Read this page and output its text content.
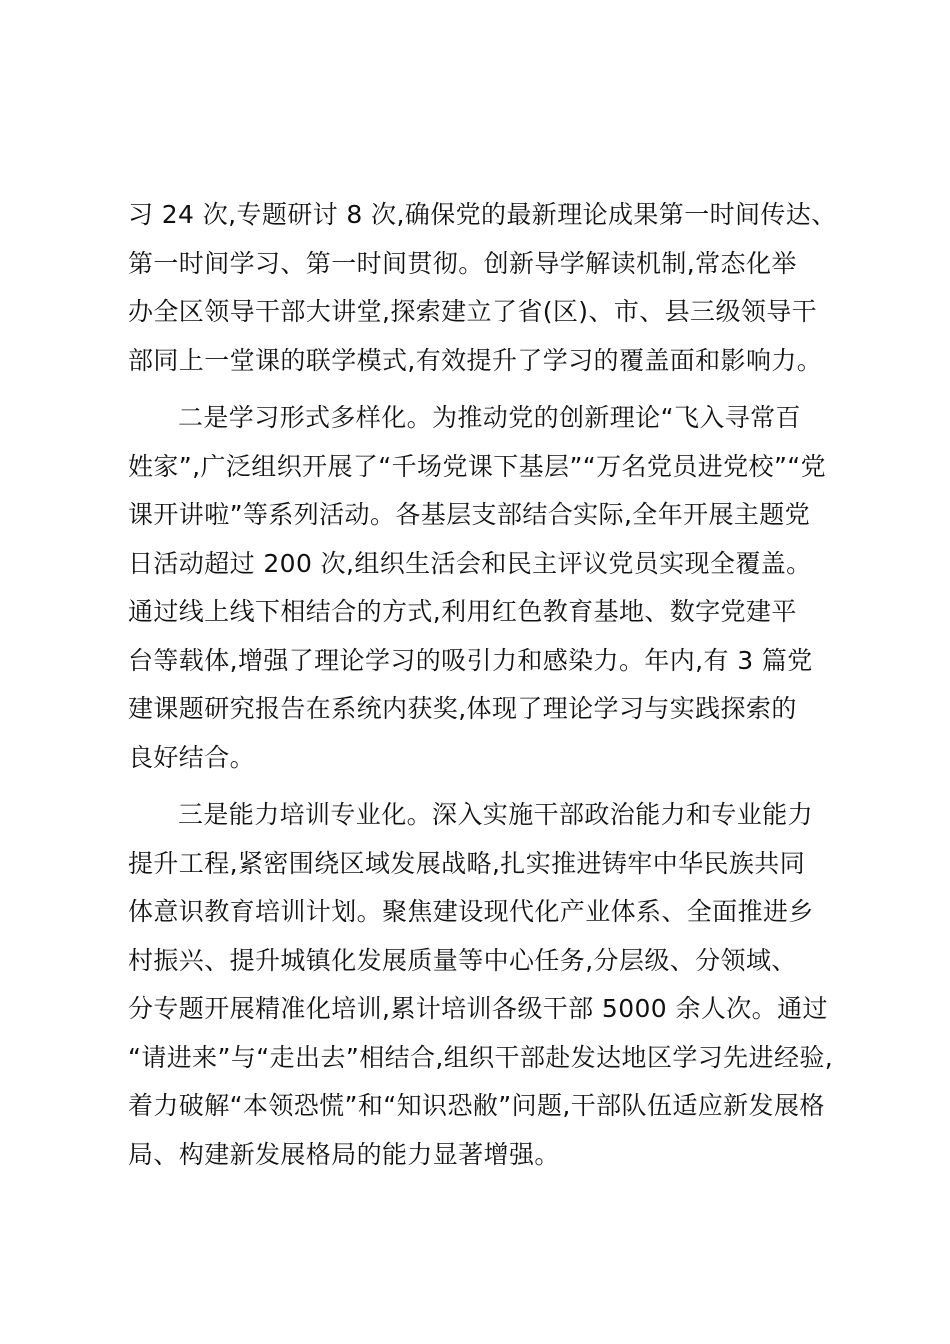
习 24 次,专题研讨 8 次,确保党的最新理论成果第一时间传达、
第一时间学习、第一时间贯彻。创新导学解读机制,常态化举
办全区领导干部大讲堂,探索建立了省(区)、市、县三级领导干
部同上一堂课的联学模式,有效提升了学习的覆盖面和影响力。

二是学习形式多样化。为推动党的创新理论“飞入寻常百
姓家”,广泛组织开展了“千场党课下基层”“万名党员进党校”“党
课开讲啦”等系列活动。各基层支部结合实际,全年开展主题党
日活动超过 200 次,组织生活会和民主评议党员实现全覆盖。
通过线上线下相结合的方式,利用红色教育基地、数字党建平
台等载体,增强了理论学习的吸引力和感染力。年内,有 3 篇党
建课题研究报告在系统内获奖,体现了理论学习与实践探索的
良好结合。

三是能力培训专业化。深入实施干部政治能力和专业能力
提升工程,紧密围绕区域发展战略,扎实推进铸牢中华民族共同
体意识教育培训计划。聚焦建设现代化产业体系、全面推进乡
村振兴、提升城镇化发展质量等中心任务,分层级、分领域、
分专题开展精准化培训,累计培训各级干部 5000 余人次。通过
“请进来”与“走出去”相结合,组织干部赴发达地区学习先进经验,
着力破解“本领恐慌”和“知识恐敝”问题,干部队伍适应新发展格
局、构建新发展格局的能力显著增强。
